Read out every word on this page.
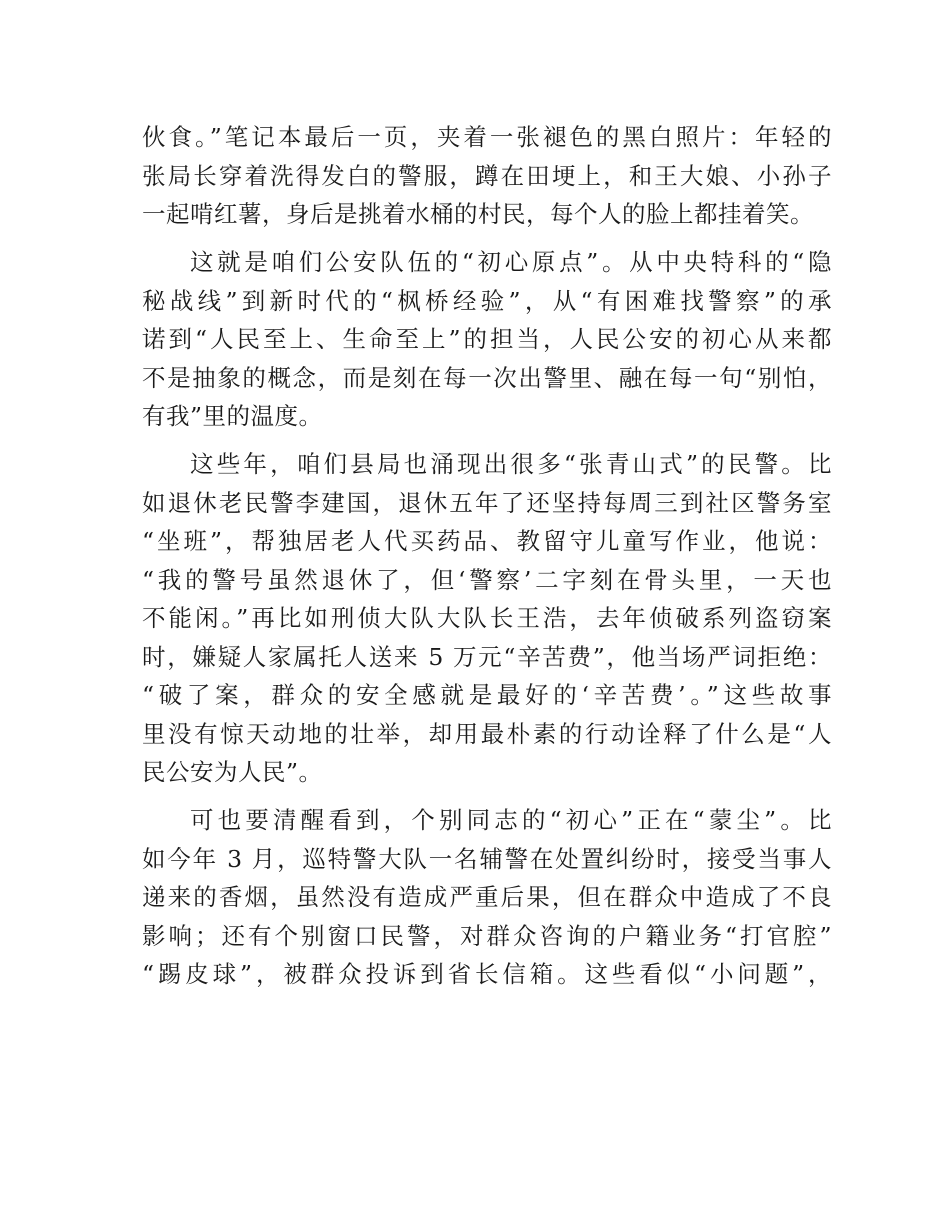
伙食。”笔记本最后一页，夹着一张褪色的黑白照片：年轻的
张局长穿着洗得发白的警服，蹲在田埂上，和王大娘、小孙子
一起啃红薯，身后是挑着水桶的村民，每个人的脸上都挂着笑。
这就是咱们公安队伍的“初心原点”。从中央特科的“隐
秘战线”到新时代的“枫桥经验”，从“有困难找警察”的承
诺到“人民至上、生命至上”的担当，人民公安的初心从来都
不是抽象的概念，而是刻在每一次出警里、融在每一句“别怕，
有我”里的温度。
这些年，咱们县局也涌现出很多“张青山式”的民警。比
如退休老民警李建国，退休五年了还坚持每周三到社区警务室
“坐班”，帮独居老人代买药品、教留守儿童写作业，他说：
“我的警号虽然退休了，但‘警察’二字刻在骨头里，一天也
不能闲。”再比如刑侦大队大队长王浩，去年侦破系列盗窃案
时，嫌疑人家属托人送来 5 万元“辛苦费”，他当场严词拒绝：
“破了案，群众的安全感就是最好的‘辛苦费’。”这些故事
里没有惊天动地的壮举，却用最朴素的行动诠释了什么是“人
民公安为人民”。
可也要清醒看到，个别同志的“初心”正在“蒙尘”。比
如今年 3 月，巡特警大队一名辅警在处置纠纷时，接受当事人
递来的香烟，虽然没有造成严重后果，但在群众中造成了不良
影响；还有个别窗口民警，对群众咨询的户籍业务“打官腔”
“踢皮球”，被群众投诉到省长信箱。这些看似“小问题”，
